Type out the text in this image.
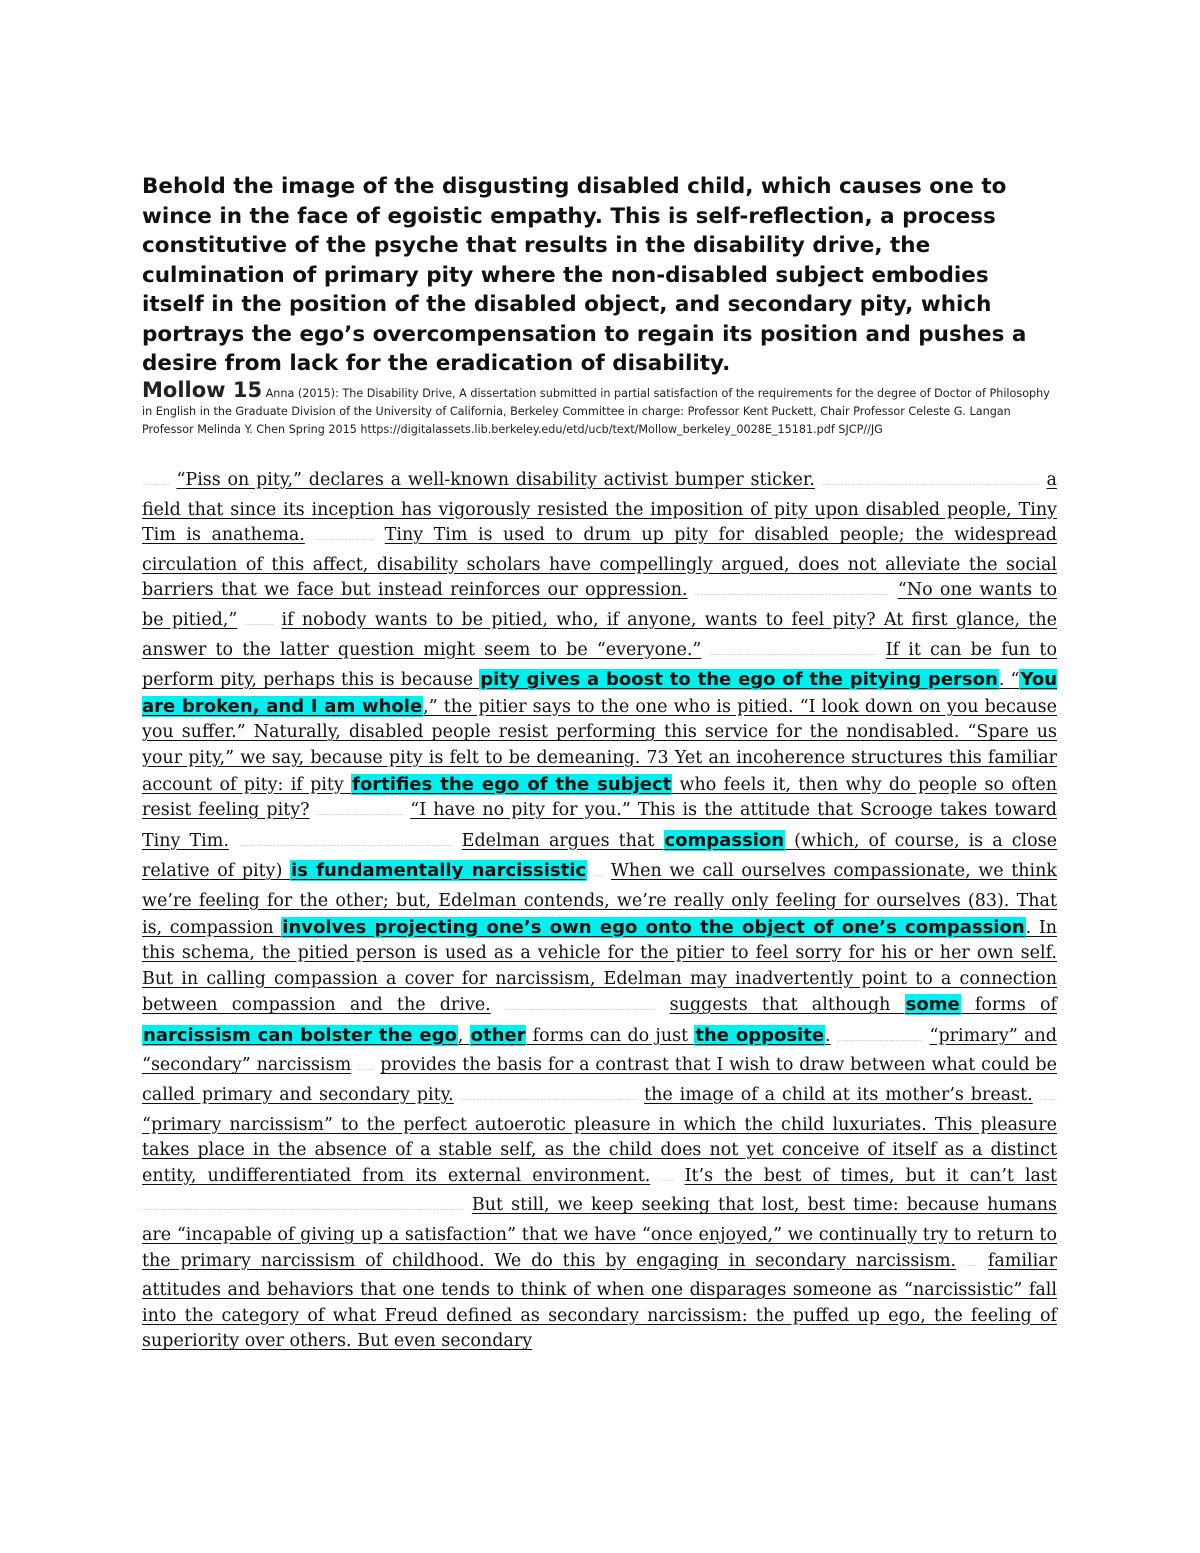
Behold the image of the disgusting disabled child, which causes one to wince in the face of egoistic empathy. This is self-reflection, a process constitutive of the psyche that results in the disability drive, the culmination of primary pity where the non-disabled subject embodies itself in the position of the disabled object, and secondary pity, which portrays the ego’s overcompensation to regain its position and pushes a desire from lack for the eradication of disability.
Mollow 15 Anna (2015): The Disability Drive, A dissertation submitted in partial satisfaction of the requirements for the degree of Doctor of Philosophy in English in the Graduate Division of the University of California, Berkeley Committee in charge: Professor Kent Puckett, Chair Professor Celeste G. Langan Professor Melinda Y. Chen Spring 2015 https://digitalassets.lib.berkeley.edu/etd/ucb/text/Mollow_berkeley_0028E_15181.pdf SJCP//JG
................ “Piss on pity,” declares a well-known disability activist bumper sticker. .............................................................................................................................. a field that since its inception has vigorously resisted the imposition of pity upon disabled people, Tiny Tim is anathema. .................................. Tiny Tim is used to drum up pity for disabled people; the widespread circulation of this affect, disability scholars have compellingly argued, does not alleviate the social barriers that we face but instead reinforces our oppression. ................................................................................................................. “No one wants to be pitied,” ................ if nobody wants to be pitied, who, if anyone, wants to feel pity? At first glance, the answer to the latter question might seem to be “everyone.” ................................................................................................ If it can be fun to perform pity, perhaps this is because pity gives a boost to the ego of the pitying person. “You are broken, and I am whole,” the pitier says to the one who is pitied. “I look down on you because you suffer.” Naturally, disabled people resist performing this service for the nondisabled. “Spare us your pity,” we say, because pity is felt to be demeaning. 73 Yet an incoherence structures this familiar account of pity: if pity fortifies the ego of the subject who feels it, then why do people so often resist feeling pity? .................................................. “I have no pity for you.” This is the attitude that Scrooge takes toward Tiny Tim. ............................................................................................................................ Edelman argues that compassion (which, of course, is a close relative of pity) is fundamentally narcissistic ..... When we call ourselves compassionate, we think we’re feeling for the other; but, Edelman contends, we’re really only feeling for ourselves (83). That is, compassion involves projecting one’s own ego onto the object of one’s compassion. In this schema, the pitied person is used as a vehicle for the pitier to feel sorry for his or her own self. But in calling compassion a cover for narcissism, Edelman may inadvertently point to a connection between compassion and the drive.	....................................................................................... suggests that although some forms of narcissism can bolster the ego, other forms can do just the opposite. .................................................. “primary” and “secondary” narcissism .......... provides the basis for a contrast that I wish to draw between what could be called primary and secondary pity. ...................................................................................................... the image of a child at its mother’s breast. .......... “primary narcissism” to the perfect autoerotic pleasure in which the child luxuriates. This pleasure takes place in the absence of a stable self, as the child does not yet conceive of itself as a distinct entity, undifferentiated from its external environment. ....... It’s the best of times, but it can’t last .......................................................................................................................................................................................... But still, we keep seeking that lost, best time: because humans are “incapable of giving up a satisfaction” that we have “once enjoyed,” we continually try to return to the primary narcissism of childhood. We do this by engaging in secondary narcissism. ....... familiar attitudes and behaviors that one tends to think of when one disparages someone as “narcissistic” fall into the category of what Freud defined as secondary narcissism: the puffed up ego, the feeling of superiority over others. But even secondary
